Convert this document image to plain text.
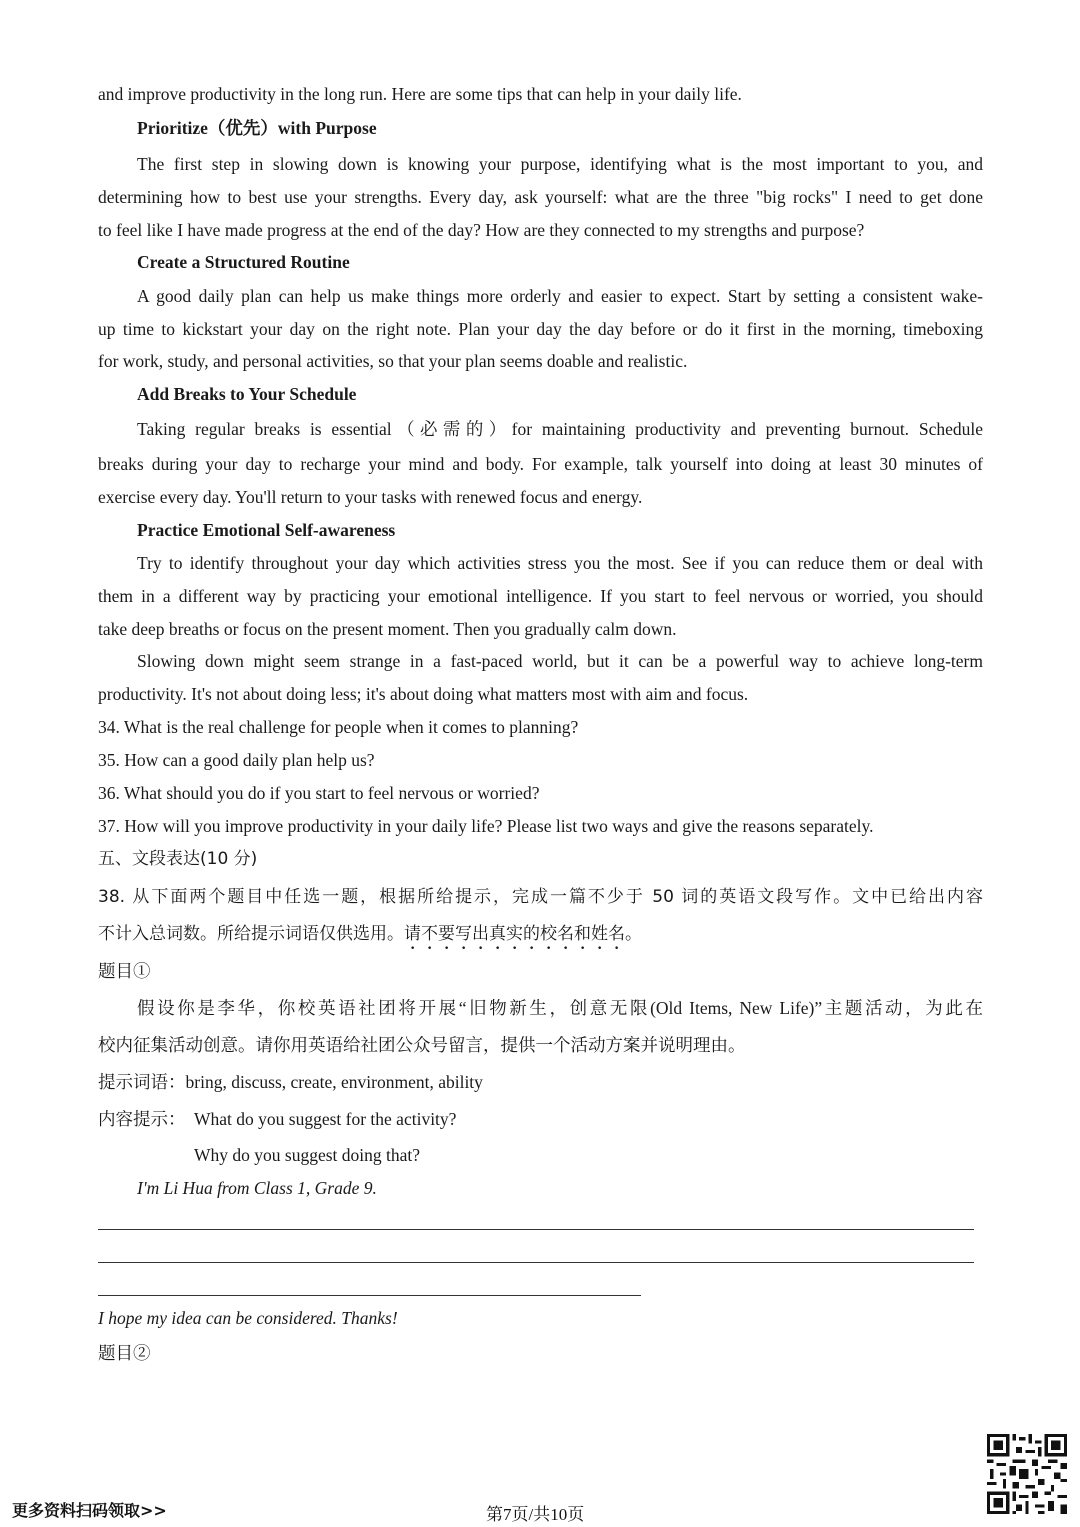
and improve productivity in the long run. Here are some tips that can help in your daily life.
Prioritize（优先）with Purpose
The first step in slowing down is knowing your purpose, identifying what is the most important to you, and
determining how to best use your strengths. Every day, ask yourself: what are the three "big rocks" I need to get done
to feel like I have made progress at the end of the day? How are they connected to my strengths and purpose?
Create a Structured Routine
A good daily plan can help us make things more orderly and easier to expect. Start by setting a consistent wake-
up time to kickstart your day on the right note. Plan your day the day before or do it first in the morning, timeboxing
for work, study, and personal activities, so that your plan seems doable and realistic.
Add Breaks to Your Schedule
Taking regular breaks is essential（必需的）for maintaining productivity and preventing burnout. Schedule
breaks during your day to recharge your mind and body. For example, talk yourself into doing at least 30 minutes of
exercise every day. You'll return to your tasks with renewed focus and energy.
Practice Emotional Self-awareness
Try to identify throughout your day which activities stress you the most. See if you can reduce them or deal with
them in a different way by practicing your emotional intelligence. If you start to feel nervous or worried, you should
take deep breaths or focus on the present moment. Then you gradually calm down.
Slowing down might seem strange in a fast-paced world, but it can be a powerful way to achieve long-term
productivity. It's not about doing less; it's about doing what matters most with aim and focus.
34. What is the real challenge for people when it comes to planning?
35. How can a good daily plan help us?
36. What should you do if you start to feel nervous or worried?
37. How will you improve productivity in your daily life? Please list two ways and give the reasons separately.
五、文段表达(10 分)
38. 从下面两个题目中任选一题，根据所给提示，完成一篇不少于 50 词的英语文段写作。文中已给出内容
不计入总词数。所给提示词语仅供选用。请不要写出真实的校名和姓名。
题目①
假设你是李华，你校英语社团将开展“旧物新生，创意无限(Old Items, New Life)”主题活动，为此在
校内征集活动创意。请你用英语给社团公众号留言，提供一个活动方案并说明理由。
提示词语：bring, discuss, create, environment, ability
内容提示： What do you suggest for the activity?
Why do you suggest doing that?
I'm Li Hua from Class 1, Grade 9.
I hope my idea can be considered. Thanks!
题目②
更多资料扫码领取>>	第7页/共10页
